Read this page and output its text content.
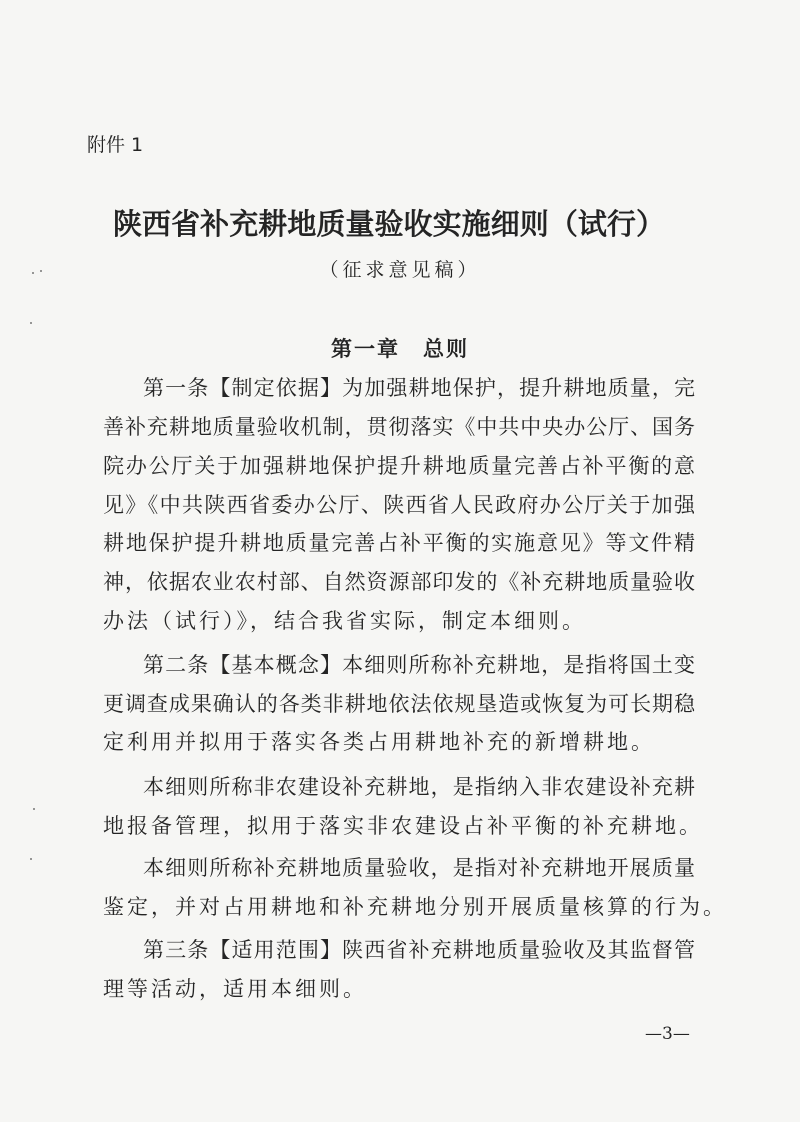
附件 1
陕西省补充耕地质量验收实施细则（试行）
（征求意见稿）
第一章　总则
第一条【制定依据】为加强耕地保护，提升耕地质量，完
善补充耕地质量验收机制，贯彻落实《中共中央办公厅、国务
院办公厅关于加强耕地保护提升耕地质量完善占补平衡的意
见》《中共陕西省委办公厅、陕西省人民政府办公厅关于加强
耕地保护提升耕地质量完善占补平衡的实施意见》等文件精
神，依据农业农村部、自然资源部印发的《补充耕地质量验收
办法（试行）》，结合我省实际，制定本细则。
第二条【基本概念】本细则所称补充耕地，是指将国土变
更调查成果确认的各类非耕地依法依规垦造或恢复为可长期稳
定利用并拟用于落实各类占用耕地补充的新增耕地。
本细则所称非农建设补充耕地，是指纳入非农建设补充耕
地报备管理，拟用于落实非农建设占补平衡的补充耕地。
本细则所称补充耕地质量验收，是指对补充耕地开展质量
鉴定，并对占用耕地和补充耕地分别开展质量核算的行为。
第三条【适用范围】陕西省补充耕地质量验收及其监督管
理等活动，适用本细则。
—3—
